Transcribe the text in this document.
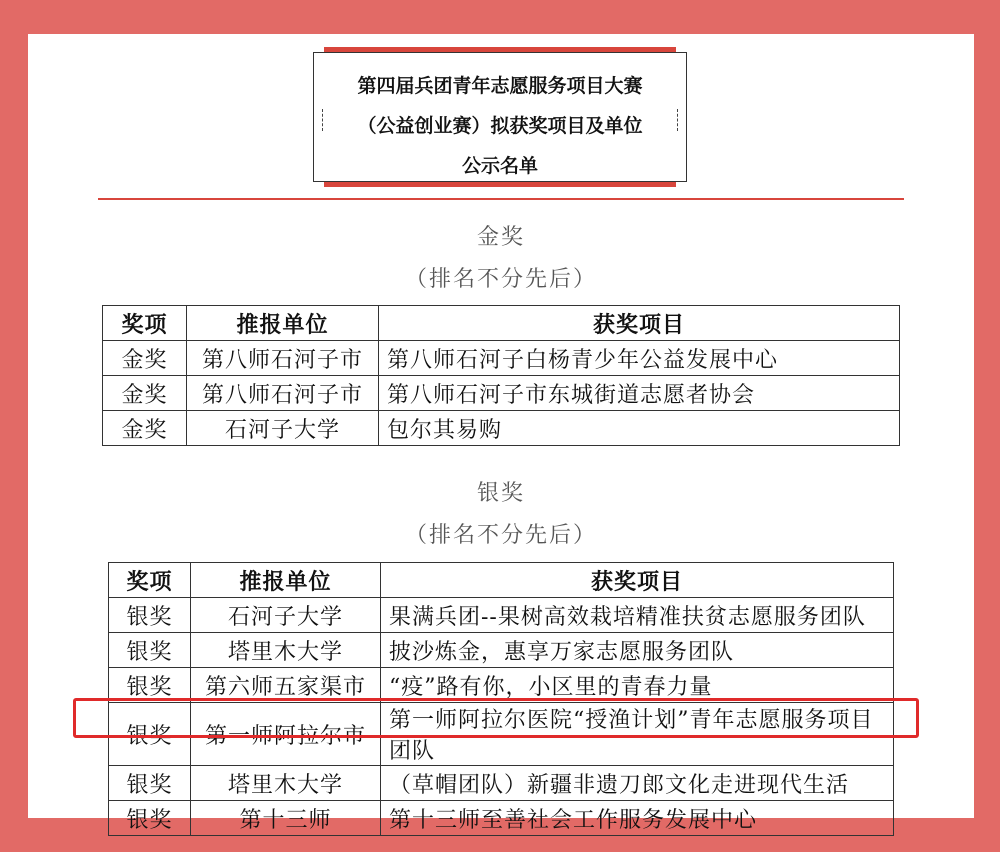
第四届兵团青年志愿服务项目大赛
（公益创业赛）拟获奖项目及单位
公示名单
金奖
（排名不分先后）
奖项	推报单位	获奖项目
金奖	第八师石河子市	第八师石河子白杨青少年公益发展中心
金奖	第八师石河子市	第八师石河子市东城街道志愿者协会
金奖	石河子大学	包尔其易购
银奖
（排名不分先后）
奖项	推报单位	获奖项目
银奖	石河子大学	果满兵团--果树高效栽培精准扶贫志愿服务团队
银奖	塔里木大学	披沙炼金，惠享万家志愿服务团队
银奖	第六师五家渠市	“疫”路有你，小区里的青春力量
银奖	第一师阿拉尔市	第一师阿拉尔医院“授渔计划”青年志愿服务项目团队
银奖	塔里木大学	（草帽团队）新疆非遗刀郎文化走进现代生活
银奖	第十三师	第十三师至善社会工作服务发展中心
